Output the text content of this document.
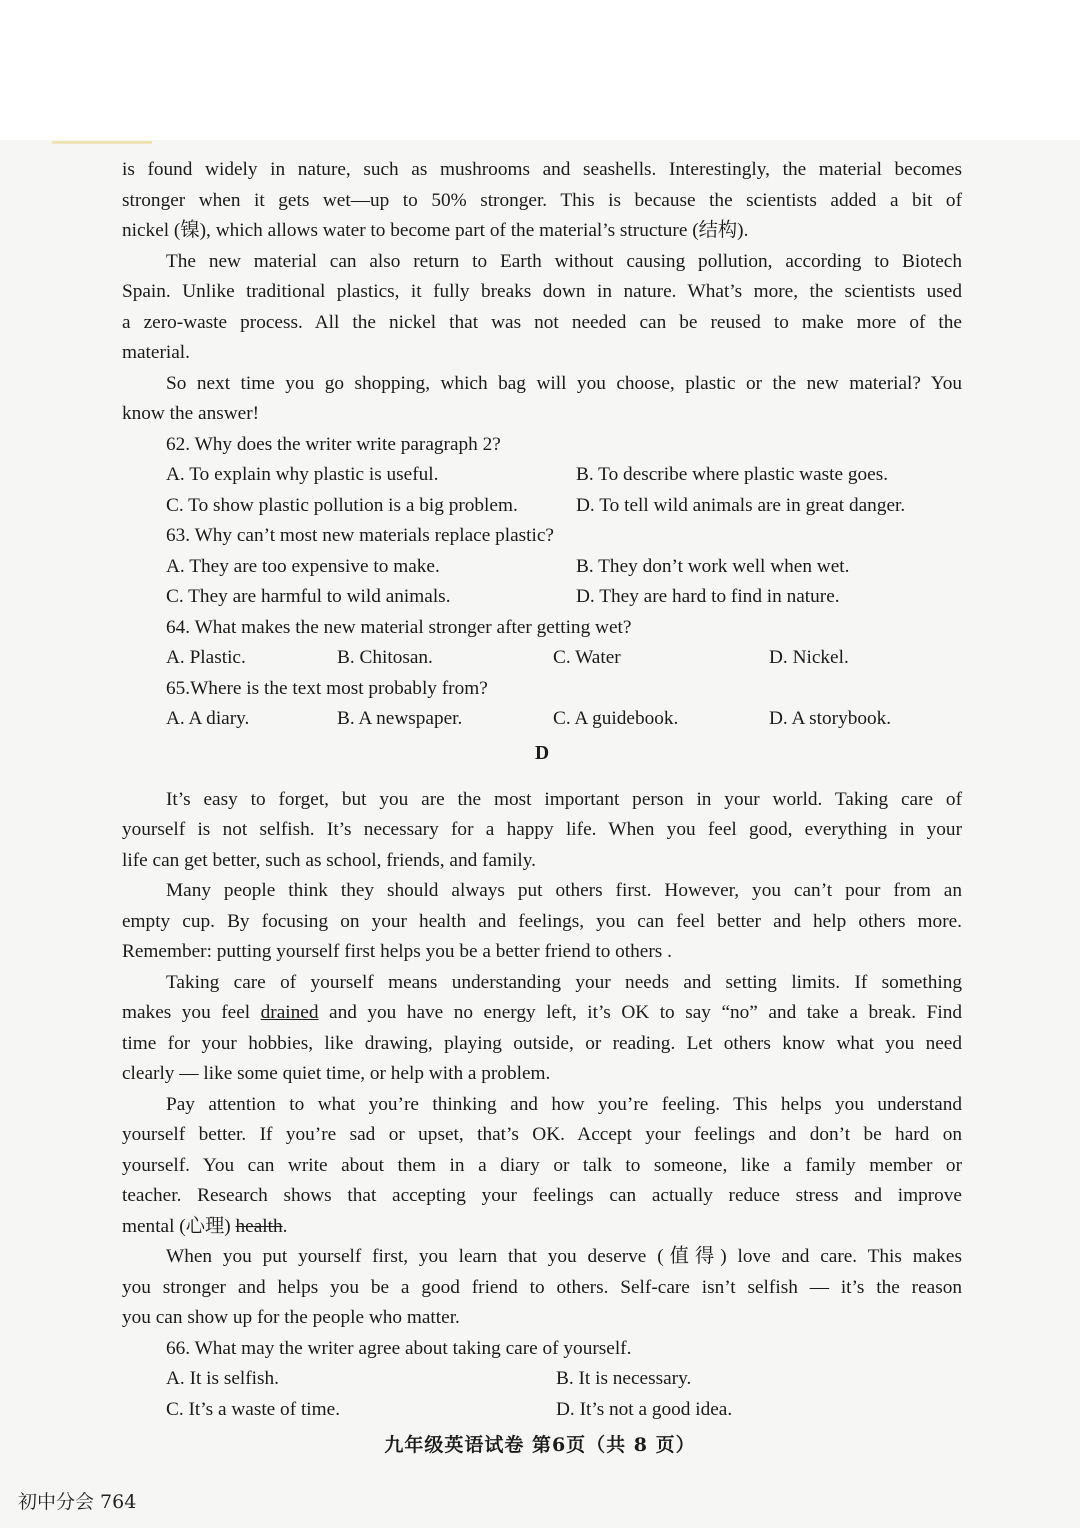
is found widely in nature, such as mushrooms and seashells. Interestingly, the material becomes
stronger when it gets wet—up to 50% stronger. This is because the scientists added a bit of
nickel (镍), which allows water to become part of the material’s structure (结构).
The new material can also return to Earth without causing pollution, according to Biotech
Spain. Unlike traditional plastics, it fully breaks down in nature. What’s more, the scientists used
a zero-waste process. All the nickel that was not needed can be reused to make more of the
material.
So next time you go shopping, which bag will you choose, plastic or the new material? You
know the answer!
62. Why does the writer write paragraph 2?
A. To explain why plastic is useful.	B. To describe where plastic waste goes.
C. To show plastic pollution is a big problem.	D. To tell wild animals are in great danger.
63. Why can’t most new materials replace plastic?
A. They are too expensive to make.	B. They don’t work well when wet.
C. They are harmful to wild animals.	D. They are hard to find in nature.
64. What makes the new material stronger after getting wet?
A. Plastic.	B. Chitosan.	C. Water	D. Nickel.
65.Where is the text most probably from?
A. A diary.	B. A newspaper.	C. A guidebook.	D. A storybook.
D
It’s easy to forget, but you are the most important person in your world. Taking care of
yourself is not selfish. It’s necessary for a happy life. When you feel good, everything in your
life can get better, such as school, friends, and family.
Many people think they should always put others first. However, you can’t pour from an
empty cup. By focusing on your health and feelings, you can feel better and help others more.
Remember: putting yourself first helps you be a better friend to others .
Taking care of yourself means understanding your needs and setting limits. If something
makes you feel drained and you have no energy left, it’s OK to say “no” and take a break. Find
time for your hobbies, like drawing, playing outside, or reading. Let others know what you need
clearly — like some quiet time, or help with a problem.
Pay attention to what you’re thinking and how you’re feeling. This helps you understand
yourself better. If you’re sad or upset, that’s OK. Accept your feelings and don’t be hard on
yourself. You can write about them in a diary or talk to someone, like a family member or
teacher. Research shows that accepting your feelings can actually reduce stress and improve
mental (心理) health.
When you put yourself first, you learn that you deserve (值得) love and care. This makes
you stronger and helps you be a good friend to others. Self-care isn’t selfish — it’s the reason
you can show up for the people who matter.
66. What may the writer agree about taking care of yourself.
A. It is selfish.	B. It is necessary.
C. It’s a waste of time.	D. It’s not a good idea.
九年级英语试卷 第6页（共 8 页）
初中分会 764
